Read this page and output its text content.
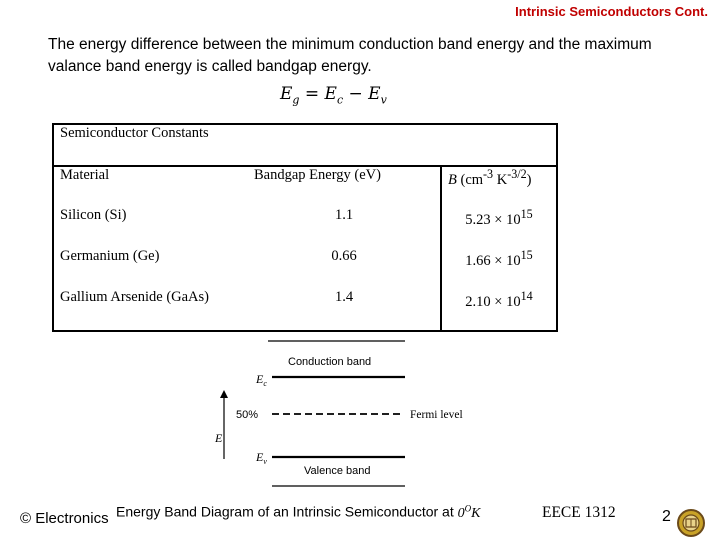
Intrinsic Semiconductors Cont.
The energy difference between the minimum conduction band energy and the maximum valance band energy is called bandgap energy.
$E_g = E_c - E_v$
Semiconductor Constants		
Material	Bandgap Energy (eV)	B ($cm^{-3}$ $K^{-3/2}$)
Silicon (Si)	1.1	$5.23 \times 10^{15}$
Germanium (Ge)	0.66	$1.66 \times 10^{15}$
Gallium Arsenide (GaAs)	1.4	$2.10 \times 10^{14}$
Conduction band
$E_c$
E
50%	Fermi level
$E_v$
Valence band
© Electronics Energy Band Diagram of an Intrinsic Semiconductor at $0^OK$	EECE 1312	2
